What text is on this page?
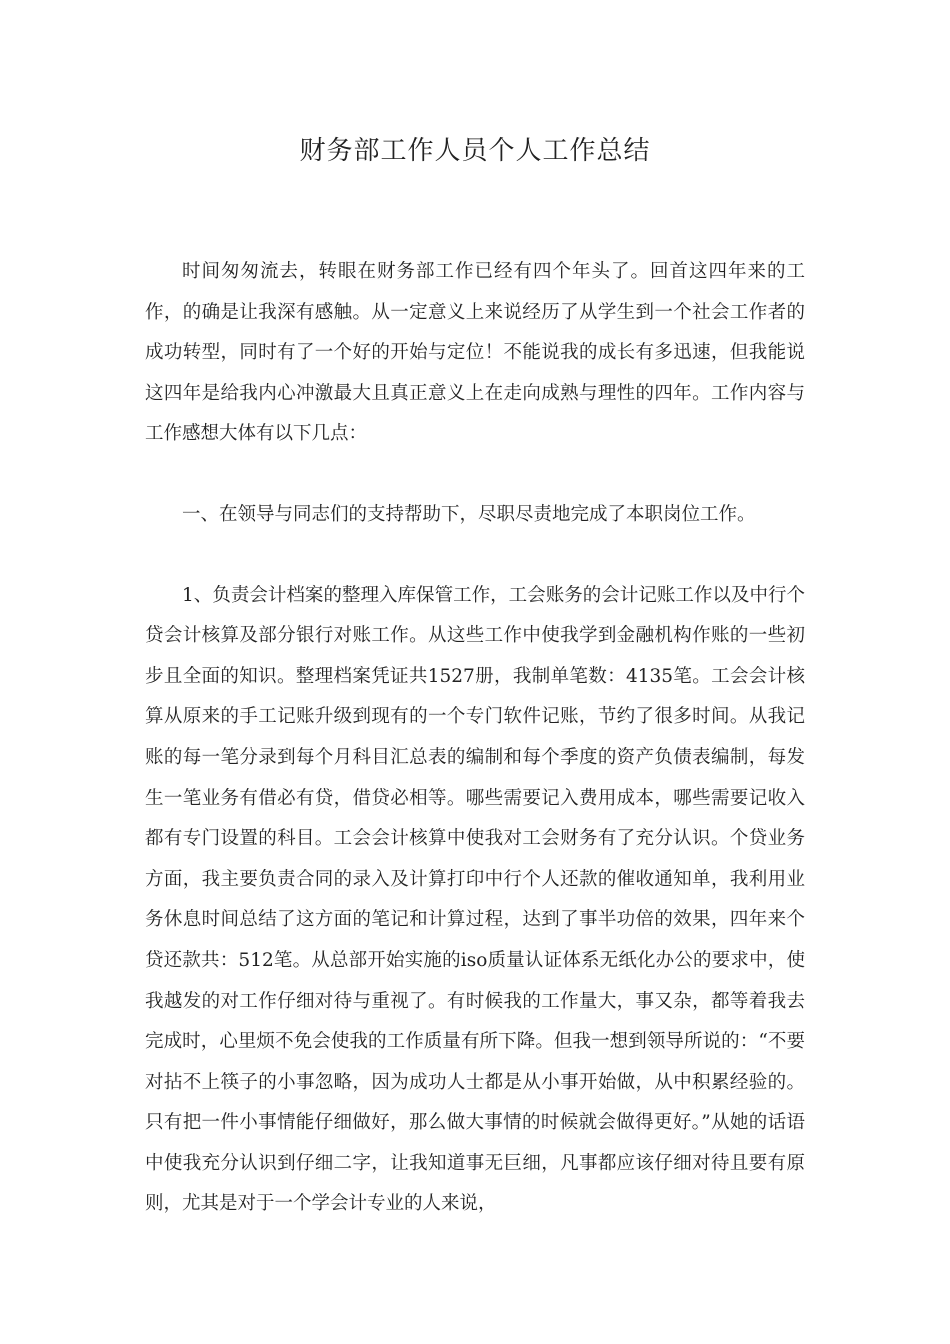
财务部工作人员个人工作总结

时间匆匆流去，转眼在财务部工作已经有四个年头了。回首这四年来的工作，的确是让我深有感触。从一定意义上来说经历了从学生到一个社会工作者的成功转型，同时有了一个好的开始与定位！不能说我的成长有多迅速，但我能说这四年是给我内心冲激最大且真正意义上在走向成熟与理性的四年。工作内容与工作感想大体有以下几点：

一、在领导与同志们的支持帮助下，尽职尽责地完成了本职岗位工作。

1、负责会计档案的整理入库保管工作，工会账务的会计记账工作以及中行个贷会计核算及部分银行对账工作。从这些工作中使我学到金融机构作账的一些初步且全面的知识。整理档案凭证共1527册，我制单笔数：4135笔。工会会计核算从原来的手工记账升级到现有的一个专门软件记账，节约了很多时间。从我记账的每一笔分录到每个月科目汇总表的编制和每个季度的资产负债表编制，每发生一笔业务有借必有贷，借贷必相等。哪些需要记入费用成本，哪些需要记收入都有专门设置的科目。工会会计核算中使我对工会财务有了充分认识。个贷业务方面，我主要负责合同的录入及计算打印中行个人还款的催收通知单，我利用业务休息时间总结了这方面的笔记和计算过程，达到了事半功倍的效果，四年来个贷还款共：512笔。从总部开始实施的iso质量认证体系无纸化办公的要求中，使我越发的对工作仔细对待与重视了。有时候我的工作量大，事又杂，都等着我去完成时，心里烦不免会使我的工作质量有所下降。但我一想到领导所说的：“不要对拈不上筷子的小事忽略，因为成功人士都是从小事开始做，从中积累经验的。只有把一件小事情能仔细做好，那么做大事情的时候就会做得更好。”从她的话语中使我充分认识到仔细二字，让我知道事无巨细，凡事都应该仔细对待且要有原则，尤其是对于一个学会计专业的人来说，
